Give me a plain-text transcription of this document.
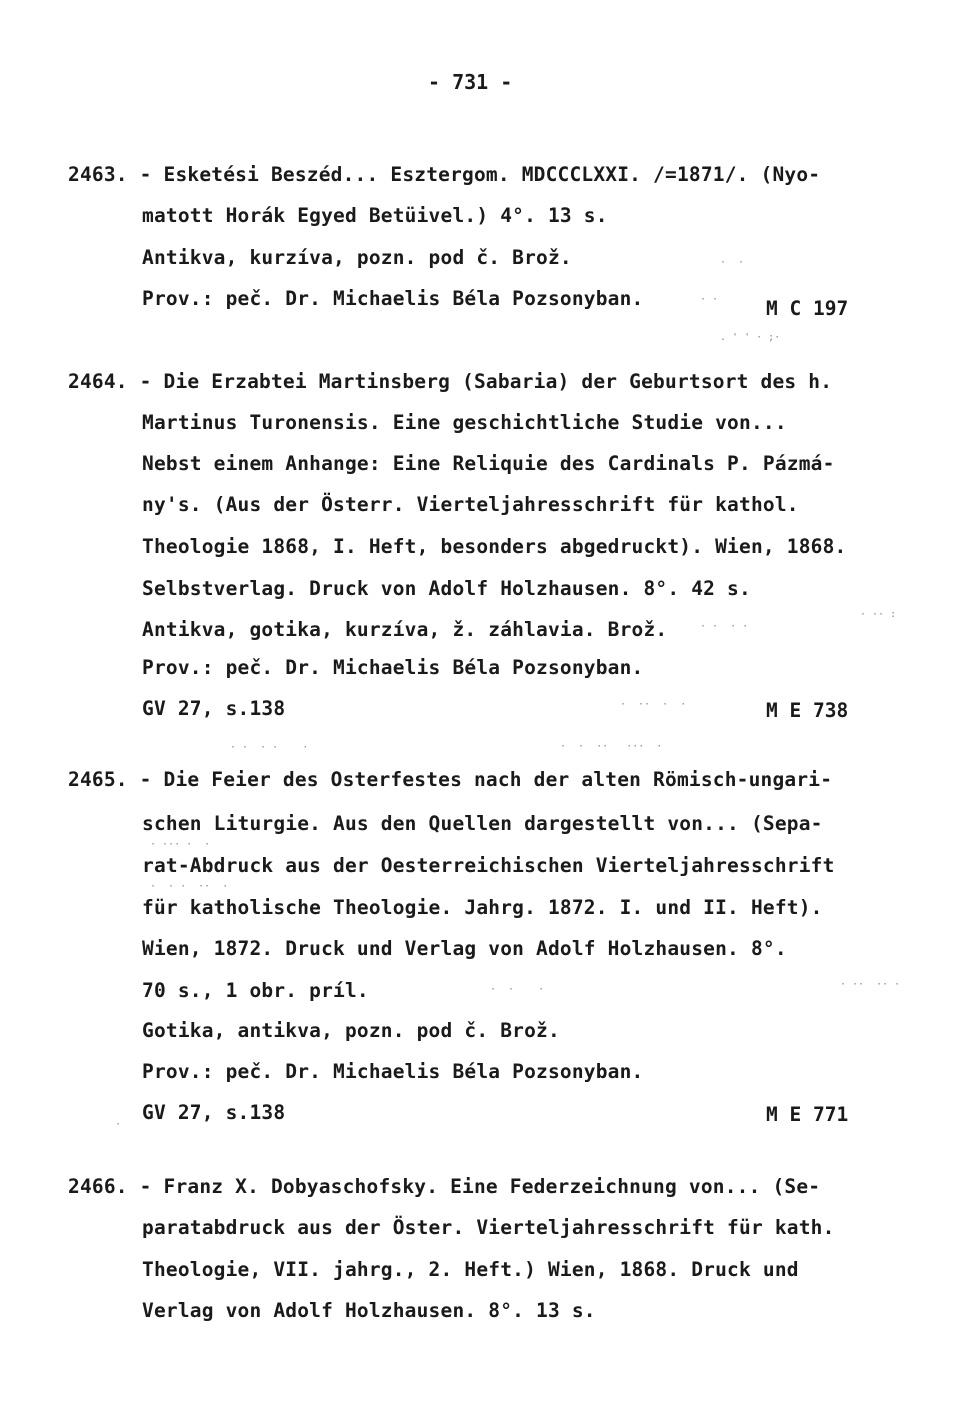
- 731 -
2463. - Esketési Beszéd... Esztergom. MDCCCLXXI. /=1871/. (Nyo-
matott Horák Egyed Betüivel.) 4°. 13 s.
Antikva, kurzíva, pozn. pod č. Brož.
Prov.: peč. Dr. Michaelis Béla Pozsonyban.	M C 197
2464. - Die Erzabtei Martinsberg (Sabaria) der Geburtsort des h.
Martinus Turonensis. Eine geschichtliche Studie von...
Nebst einem Anhange: Eine Reliquie des Cardinals P. Pázmá-
ny's. (Aus der Österr. Vierteljahresschrift für kathol.
Theologie 1868, I. Heft, besonders abgedruckt). Wien, 1868.
Selbstverlag. Druck von Adolf Holzhausen. 8°. 42 s.
Antikva, gotika, kurzíva, ž. záhlavia. Brož.
Prov.: peč. Dr. Michaelis Béla Pozsonyban.
GV 27, s.138	M E 738
2465. - Die Feier des Osterfestes nach der alten Römisch-ungari-
schen Liturgie. Aus den Quellen dargestellt von... (Sepa-
rat-Abdruck aus der Oesterreichischen Vierteljahresschrift
für katholische Theologie. Jahrg. 1872. I. und II. Heft).
Wien, 1872. Druck und Verlag von Adolf Holzhausen. 8°.
70 s., 1 obr. príl.
Gotika, antikva, pozn. pod č. Brož.
Prov.: peč. Dr. Michaelis Béla Pozsonyban.
GV 27, s.138	M E 771
2466. - Franz X. Dobyaschofsky. Eine Federzeichnung von... (Se-
paratabdruck aus der Öster. Vierteljahresschrift für kath.
Theologie, VII. jahrg., 2. Heft.) Wien, 1868. Druck und
Verlag von Adolf Holzhausen. 8°. 13 s.
·  ·
· ·
. ' ' · ;·
· ·· :
· ·  · ·
·  ··  ·  ·
· ·  · ·    ·	·  ·  ··   ···  ·
· ··· ·  ·
·  · ·  ··  ·
· ··  ·· ·
·  ·    ·
·
